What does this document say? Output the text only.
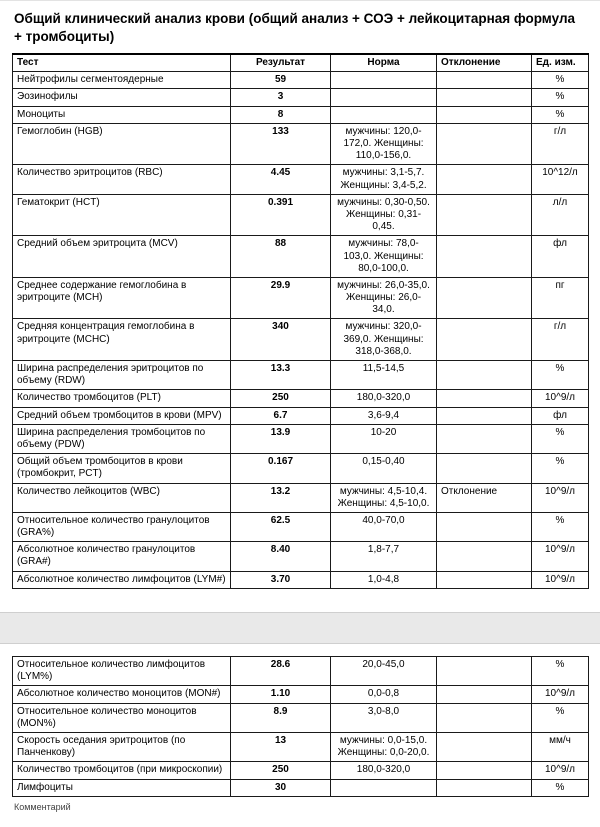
Общий клинический анализ крови (общий анализ + СОЭ + лейкоцитарная формула + тромбоциты)
Тест	Результат	Норма	Отклонение	Ед. изм.
Нейтрофилы сегментоядерные	59			%
Эозинофилы	3			%
Моноциты	8			%
Гемоглобин (HGB)	133	мужчины: 120,0-172,0. Женщины: 110,0-156,0.		г/л
Количество эритроцитов (RBC)	4.45	мужчины: 3,1-5,7. Женщины: 3,4-5,2.		10^12/л
Гематокрит (HCT)	0.391	мужчины: 0,30-0,50. Женщины: 0,31-0,45.		л/л
Средний объем эритроцита (MCV)	88	мужчины: 78,0-103,0. Женщины: 80,0-100,0.		фл
Среднее содержание гемоглобина в эритроците (MCH)	29.9	мужчины: 26,0-35,0. Женщины: 26,0-34,0.		пг
Средняя концентрация гемоглобина в эритроците (MCHC)	340	мужчины: 320,0-369,0. Женщины: 318,0-368,0.		г/л
Ширина распределения эритроцитов по объему (RDW)	13.3	11,5-14,5		%
Количество тромбоцитов (PLT)	250	180,0-320,0		10^9/л
Средний объем тромбоцитов в крови (MPV)	6.7	3,6-9,4		фл
Ширина распределения тромбоцитов по объему (PDW)	13.9	10-20		%
Общий объем тромбоцитов в крови (тромбокрит, PCT)	0.167	0,15-0,40		%
Количество лейкоцитов (WBC)	13.2	мужчины: 4,5-10,4. Женщины: 4,5-10,0.	Отклонение	10^9/л
Относительное количество гранулоцитов (GRA%)	62.5	40,0-70,0		%
Абсолютное количество гранулоцитов (GRA#)	8.40	1,8-7,7		10^9/л
Абсолютное количество лимфоцитов (LYM#)	3.70	1,0-4,8		10^9/л
Относительное количество лимфоцитов (LYM%)	28.6	20,0-45,0		%
Абсолютное количество моноцитов (MON#)	1.10	0,0-0,8		10^9/л
Относительное количество моноцитов (MON%)	8.9	3,0-8,0		%
Скорость оседания эритроцитов (по Панченкову)	13	мужчины: 0,0-15,0. Женщины: 0,0-20,0.		мм/ч
Количество тромбоцитов (при микроскопии)	250	180,0-320,0		10^9/л
Лимфоциты	30			%
Комментарий
